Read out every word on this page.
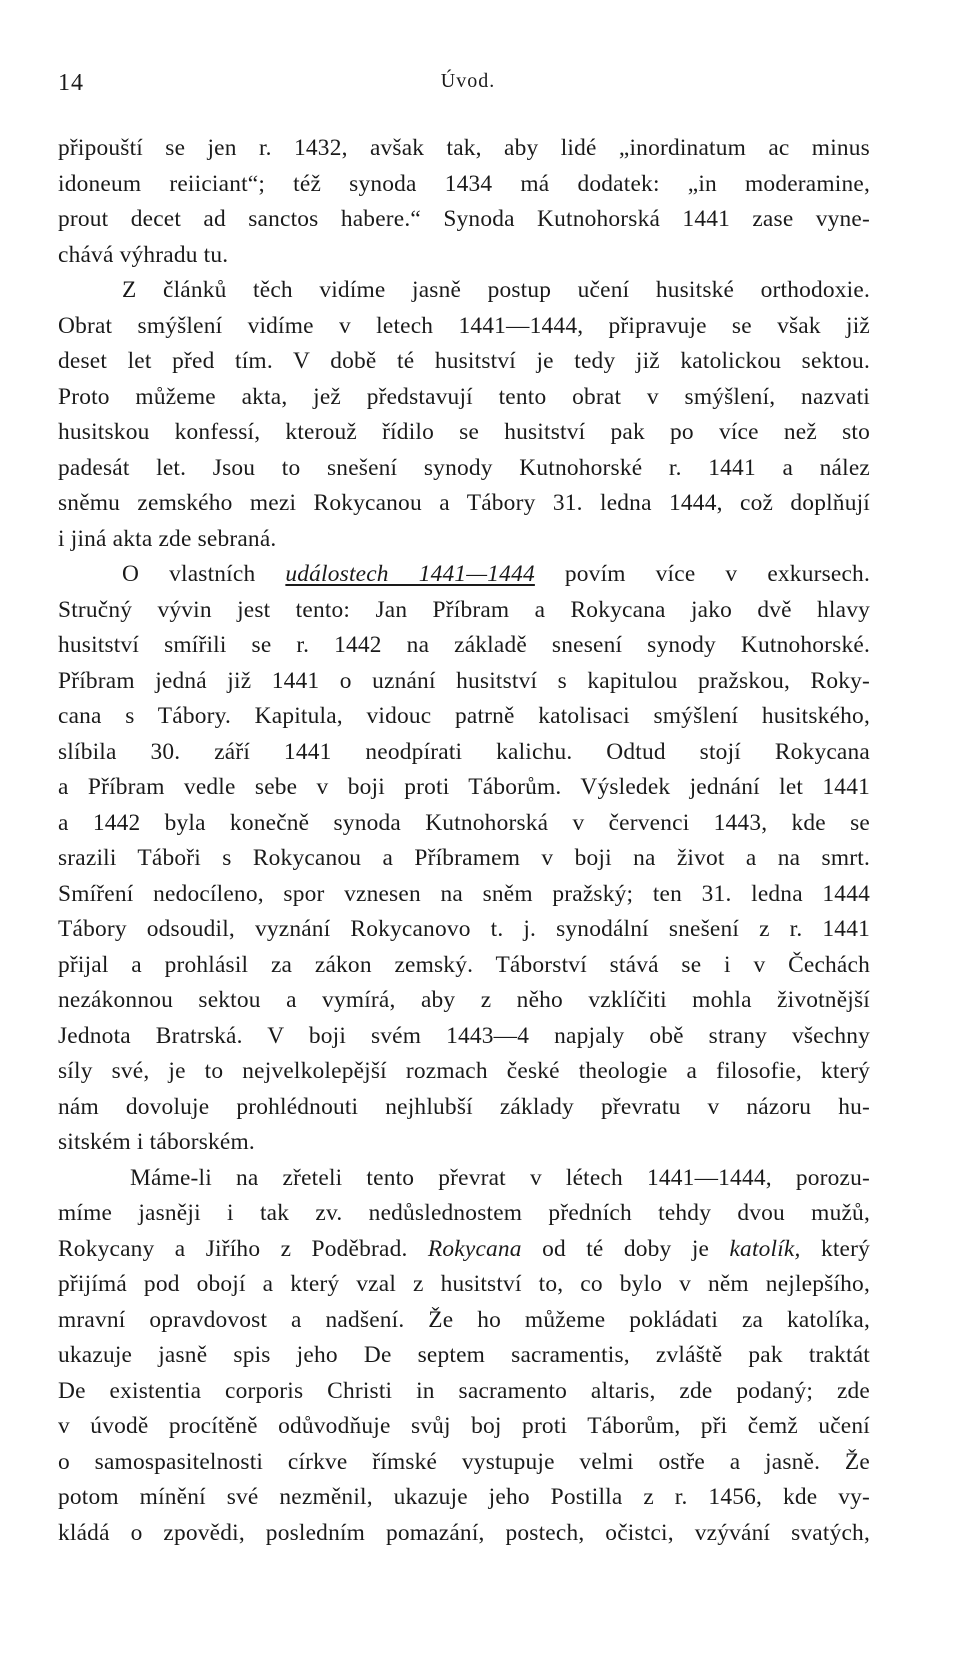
14	Úvod.
připouští se jen r. 1432, avšak tak, aby lidé „inordinatum ac minus
idoneum reiiciant“; též synoda 1434 má dodatek: „in moderamine,
prout decet ad sanctos habere.“ Synoda Kutnohorská 1441 zase vyne-
chává výhradu tu.
Z článků těch vidíme jasně postup učení husitské orthodoxie.
Obrat smýšlení vidíme v letech 1441—1444, připravuje se však již
deset let před tím. V době té husitství je tedy již katolickou sektou.
Proto můžeme akta, jež představují tento obrat v smýšlení, nazvati
husitskou konfessí, kterouž řídilo se husitství pak po více než sto
padesát let. Jsou to snešení synody Kutnohorské r. 1441 a nález
sněmu zemského mezi Rokycanou a Tábory 31. ledna 1444, což doplňují
i jiná akta zde sebraná.
O vlastních událostech 1441—1444 povím více v exkursech.
Stručný vývin jest tento: Jan Příbram a Rokycana jako dvě hlavy
husitství smířili se r. 1442 na základě snesení synody Kutnohorské.
Příbram jedná již 1441 o uznání husitství s kapitulou pražskou, Roky-
cana s Tábory. Kapitula, vidouc patrně katolisaci smýšlení husitského,
slíbila 30. září 1441 neodpírati kalichu. Odtud stojí Rokycana
a Příbram vedle sebe v boji proti Táborům. Výsledek jednání let 1441
a 1442 byla konečně synoda Kutnohorská v červenci 1443, kde se
srazili Táboři s Rokycanou a Příbramem v boji na život a na smrt.
Smíření nedocíleno, spor vznesen na sněm pražský; ten 31. ledna 1444
Tábory odsoudil, vyznání Rokycanovo t. j. synodální snešení z r. 1441
přijal a prohlásil za zákon zemský. Táborství stává se i v Čechách
nezákonnou sektou a vymírá, aby z něho vzklíčiti mohla životnější
Jednota Bratrská. V boji svém 1443—4 napjaly obě strany všechny
síly své, je to nejvelkolepější rozmach české theologie a filosofie, který
nám dovoluje prohlédnouti nejhlubší základy převratu v názoru hu-
sitském i táborském.
Máme-li na zřeteli tento převrat v létech 1441—1444, porozu-
míme jasněji i tak zv. nedůslednostem předních tehdy dvou mužů,
Rokycany a Jiřího z Poděbrad. Rokycana od té doby je katolík, který
přijímá pod obojí a který vzal z husitství to, co bylo v něm nejlepšího,
mravní opravdovost a nadšení. Že ho můžeme pokládati za katolíka,
ukazuje jasně spis jeho De septem sacramentis, zvláště pak traktát
De existentia corporis Christi in sacramento altaris, zde podaný; zde
v úvodě procítěně odůvodňuje svůj boj proti Táborům, při čemž učení
o samospasitelnosti církve římské vystupuje velmi ostře a jasně. Že
potom mínění své nezměnil, ukazuje jeho Postilla z r. 1456, kde vy-
kládá o zpovědi, posledním pomazání, postech, očistci, vzývání svatých,
